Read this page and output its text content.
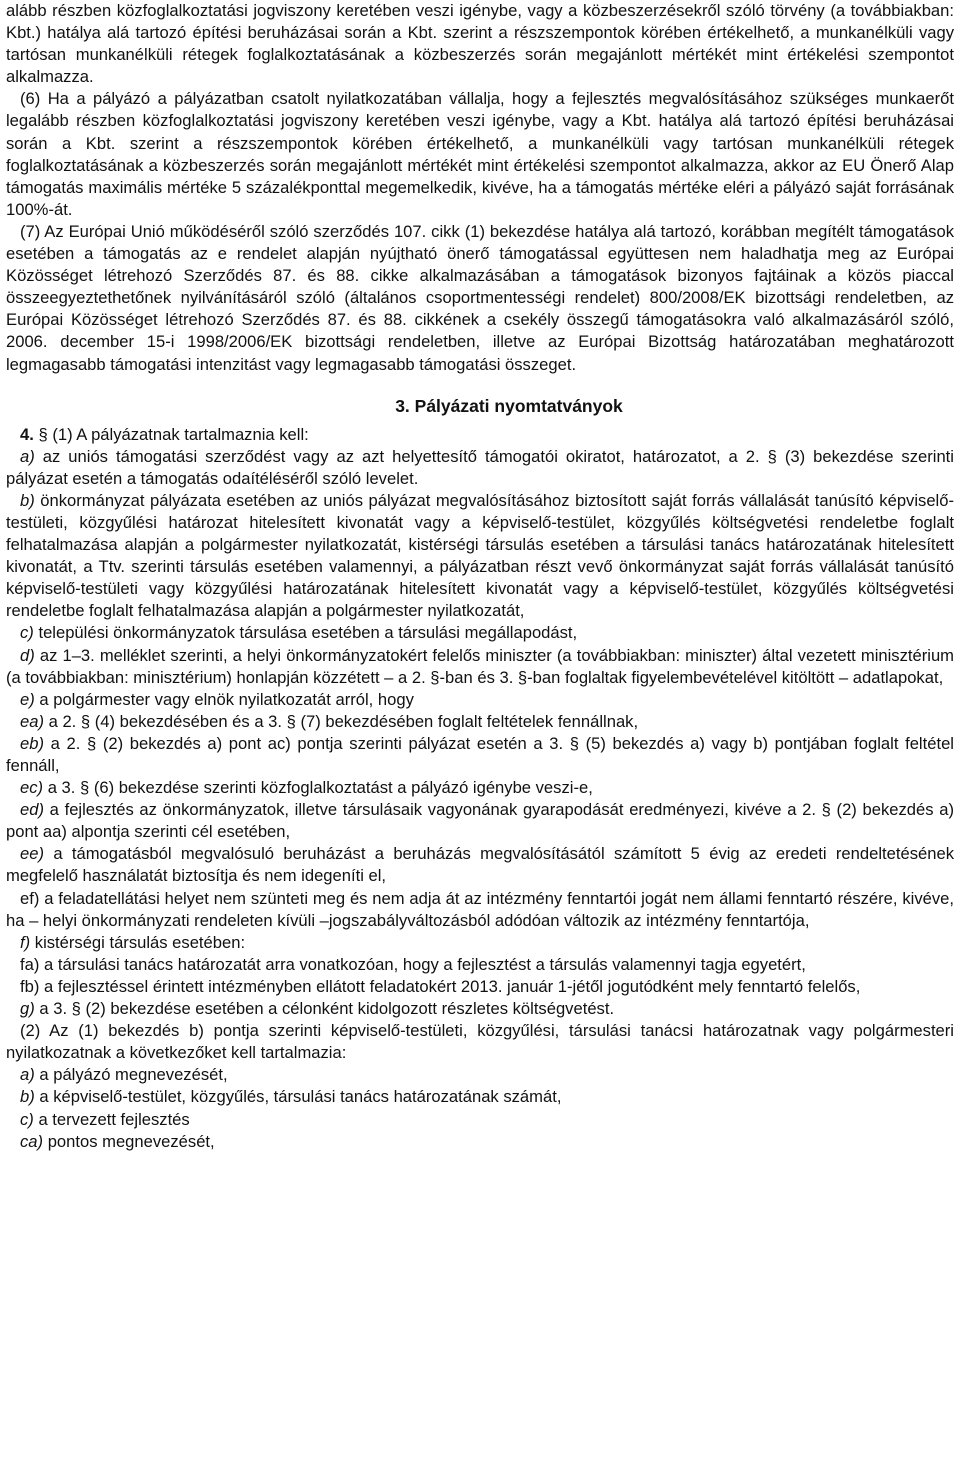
alább részben közfoglalkoztatási jogviszony keretében veszi igénybe, vagy a közbeszerzésekről szóló törvény (a továbbiakban: Kbt.) hatálya alá tartozó építési beruházásai során a Kbt. szerint a részszempontok körében értékelhető, a munkanélküli vagy tartósan munkanélküli rétegek foglalkoztatásának a közbeszerzés során megajánlott mértékét mint értékelési szempontot alkalmazza.

(6) Ha a pályázó a pályázatban csatolt nyilatkozatában vállalja, hogy a fejlesztés megvalósításához szükséges munkaerőt legalább részben közfoglalkoztatási jogviszony keretében veszi igénybe, vagy a Kbt. hatálya alá tartozó építési beruházásai során a Kbt. szerint a részszempontok körében értékelhető, a munkanélküli vagy tartósan munkanélküli rétegek foglalkoztatásának a közbeszerzés során megajánlott mértékét mint értékelési szempontot alkalmazza, akkor az EU Önerő Alap támogatás maximális mértéke 5 százalékponttal megemelkedik, kivéve, ha a támogatás mértéke eléri a pályázó saját forrásának 100%-át.

(7) Az Európai Unió működéséről szóló szerződés 107. cikk (1) bekezdése hatálya alá tartozó, korábban megítélt támogatások esetében a támogatás az e rendelet alapján nyújtható önerő támogatással együttesen nem haladhatja meg az Európai Közösséget létrehozó Szerződés 87. és 88. cikke alkalmazásában a támogatások bizonyos fajtáinak a közös piaccal összeegyeztethetőnek nyilvánításáról szóló (általános csoportmentességi rendelet) 800/2008/EK bizottsági rendeletben, az Európai Közösséget létrehozó Szerződés 87. és 88. cikkének a csekély összegű támogatásokra való alkalmazásáról szóló, 2006. december 15-i 1998/2006/EK bizottsági rendeletben, illetve az Európai Bizottság határozatában meghatározott legmagasabb támogatási intenzitást vagy legmagasabb támogatási összeget.

3. Pályázati nyomtatványok

4. § (1) A pályázatnak tartalmaznia kell:

a) az uniós támogatási szerződést vagy az azt helyettesítő támogatói okiratot, határozatot, a 2. § (3) bekezdése szerinti pályázat esetén a támogatás odaítéléséről szóló levelet.

b) önkormányzat pályázata esetében az uniós pályázat megvalósításához biztosított saját forrás vállalását tanúsító képviselő-testületi, közgyűlési határozat hitelesített kivonatát vagy a képviselő-testület, közgyűlés költségvetési rendeletbe foglalt felhatalmazása alapján a polgármester nyilatkozatát, kistérségi társulás esetében a társulási tanács határozatának hitelesített kivonatát, a Ttv. szerinti társulás esetében valamennyi, a pályázatban részt vevő önkormányzat saját forrás vállalását tanúsító képviselő-testületi vagy közgyűlési határozatának hitelesített kivonatát vagy a képviselő-testület, közgyűlés költségvetési rendeletbe foglalt felhatalmazása alapján a polgármester nyilatkozatát,

c) települési önkormányzatok társulása esetében a társulási megállapodást,

d) az 1–3. melléklet szerinti, a helyi önkormányzatokért felelős miniszter (a továbbiakban: miniszter) által vezetett minisztérium (a továbbiakban: minisztérium) honlapján közzétett – a 2. §-ban és 3. §-ban foglaltak figyelembevételével kitöltött – adatlapokat,

e) a polgármester vagy elnök nyilatkozatát arról, hogy

ea) a 2. § (4) bekezdésében és a 3. § (7) bekezdésében foglalt feltételek fennállnak,

eb) a 2. § (2) bekezdés a) pont ac) pontja szerinti pályázat esetén a 3. § (5) bekezdés a) vagy b) pontjában foglalt feltétel fennáll,

ec) a 3. § (6) bekezdése szerinti közfoglalkoztatást a pályázó igénybe veszi-e,

ed) a fejlesztés az önkormányzatok, illetve társulásaik vagyonának gyarapodását eredményezi, kivéve a 2. § (2) bekezdés a) pont aa) alpontja szerinti cél esetében,

ee) a támogatásból megvalósuló beruházást a beruházás megvalósításától számított 5 évig az eredeti rendeltetésének megfelelő használatát biztosítja és nem idegeníti el,

ef) a feladatellátási helyet nem szünteti meg és nem adja át az intézmény fenntartói jogát nem állami fenntartó részére, kivéve, ha – helyi önkormányzati rendeleten kívüli –jogszabályváltozásból adódóan változik az intézmény fenntartója,

f) kistérségi társulás esetében:

fa) a társulási tanács határozatát arra vonatkozóan, hogy a fejlesztést a társulás valamennyi tagja egyetért,

fb) a fejlesztéssel érintett intézményben ellátott feladatokért 2013. január 1-jétől jogutódként mely fenntartó felelős,

g) a 3. § (2) bekezdése esetében a célonként kidolgozott részletes költségvetést.

(2) Az (1) bekezdés b) pontja szerinti képviselő-testületi, közgyűlési, társulási tanácsi határozatnak vagy polgármesteri nyilatkozatnak a következőket kell tartalmazia:

a) a pályázó megnevezését,

b) a képviselő-testület, közgyűlés, társulási tanács határozatának számát,

c) a tervezett fejlesztés

ca) pontos megnevezését,
